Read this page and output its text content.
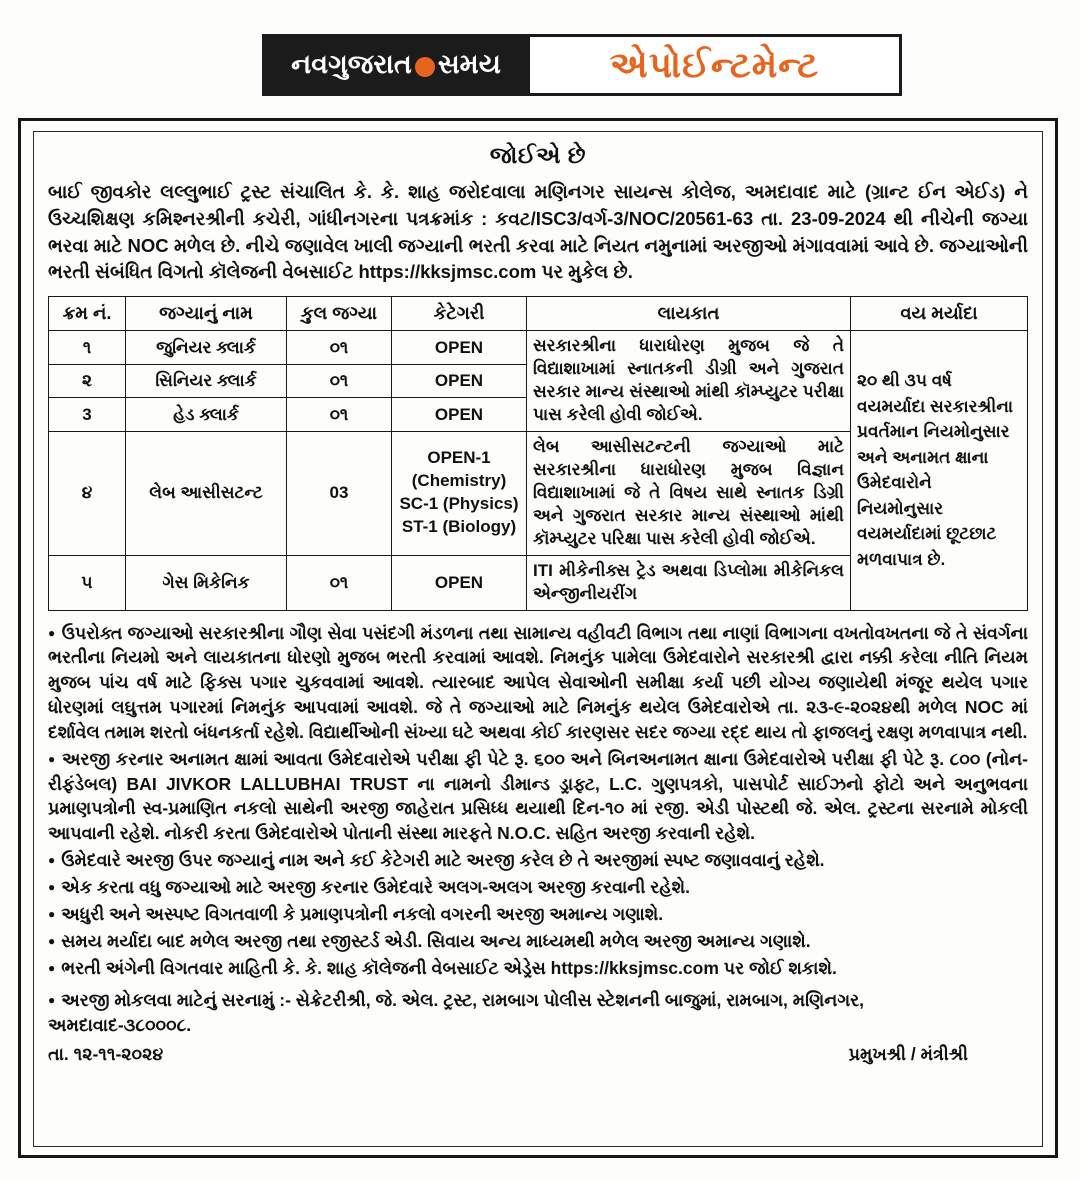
નવગુજરાત સમય	એપોઈન્ટમેન્ટ
જોઈએ છે
બાઈ જીવકોર લલ્લુભાઈ ટ્રસ્ટ સંચાલિત કે. કે. શાહ જરોદવાલા મણિનગર સાયન્સ કોલેજ, અમદાવાદ માટે (ગ્રાન્ટ ઈન એઈડ) ને ઉચ્ચશિક્ષણ કમિશ્નરશ્રીની કચેરી, ગાંધીનગરના પત્રક્રમાંક : કવટ/ISC3/વર્ગ-3/NOC/20561-63 તા. 23-09-2024 થી નીચેની જગ્યા ભરવા માટે NOC મળેલ છે. નીચે જણાવેલ ખાલી જગ્યાની ભરતી કરવા માટે નિયત નમુનામાં અરજીઓ મંગાવવામાં આવે છે. જગ્યાઓની ભરતી સંબંધિત વિગતો કૉલેજની વેબસાઈટ https://kksjmsc.com પર મુકેલ છે.
ક્રમ નં.	જગ્યાનું નામ	કુલ જગ્યા	કેટેગરી	લાયકાત	વય મર્યાદા
૧	જુનિયર ક્લાર્ક	૦૧	OPEN	સરકારશ્રીના ધારાધોરણ મુજબ જે તે વિદ્યાશાખામાં સ્નાતકની ડીગ્રી અને ગુજરાત સરકાર માન્ય સંસ્થાઓ માંથી કૉમ્પ્યુટર પરીક્ષા પાસ કરેલી હોવી જોઈએ.	૨૦ થી ૩૫ વર્ષ વયમર્યાદા સરકારશ્રીના પ્રવર્તમાન નિયમોનુસાર અને અનામત ક્ષાના ઉમેદવારોને નિયમોનુસાર વયમર્યાદામાં છૂટછાટ મળવાપાત્ર છે.
૨	સિનિયર ક્લાર્ક	૦૧	OPEN		
3	હેડ ક્લાર્ક	૦૧	OPEN		
૪	લેબ આસીસટન્ટ	03	OPEN-1 (Chemistry) SC-1 (Physics) ST-1 (Biology)	લેબ આસીસટન્ટની જગ્યાઓ માટે સરકારશ્રીના ધારાધોરણ મુજબ વિજ્ઞાન વિદ્યાશાખામાં જે તે વિષય સાથે સ્નાતક ડિગ્રી અને ગુજરાત સરકાર માન્ય સંસ્થાઓ માંથી કૉમ્પ્યુટર પરિક્ષા પાસ કરેલી હોવી જોઈએ.	
૫	ગેસ મિકેનિક	૦૧	OPEN	ITI મીકેનીક્સ ટ્રેડ અથવા ડિપ્લોમા મીકેનિકલ એન્જીનીયરીંગ	

● ઉપરોક્ત જગ્યાઓ સરકારશ્રીના ગૌણ સેવા પસંદગી મંડળના તથા સામાન્ય વહીવટી વિભાગ તથા નાણાં વિભાગના વખતોવખતના જે તે સંવર્ગના ભરતીના નિયમો અને લાયકાતના ધોરણો મુજબ ભરતી કરવામાં આવશે. નિમનુંક પામેલા ઉમેદવારોને સરકારશ્રી દ્વારા નક્કી કરેલા નીતિ નિયમ મુજબ પાંચ વર્ષ માટે ફિક્સ પગાર ચુકવવામાં આવશે. ત્યારબાદ આપેલ સેવાઓની સમીક્ષા કર્યા પછી યોગ્ય જણાયેથી મંજૂર થયેલ પગાર ધોરણમાં લઘુત્તમ પગારમાં નિમનુંક આપવામાં આવશે. જે તે જગ્યાઓ માટે નિમનુંક થયેલ ઉમેદવારોએ તા. ૨૩-૯-૨૦૨૪થી મળેલ NOC માં દર્શાવેલ તમામ શરતો બંધનકર્તા રહેશે. વિદ્યાર્થીઓની સંખ્યા ઘટે અથવા કોઈ કારણસર સદર જગ્યા રદ્દ થાય તો ફાજલનું રક્ષણ મળવાપાત્ર નથી.

● અરજી કરનાર અનામત ક્ષામાં આવતા ઉમેદવારોએ પરીક્ષા ફી પેટે રૂ. ૬૦૦ અને બિનઅનામત ક્ષાના ઉમેદવારોએ પરીક્ષા ફી પેટે રૂ. ૮૦૦ (નોન-રીફંડેબલ) BAI JIVKOR LALLUBHAI TRUST ના નામનો ડીમાન્ડ ડ્રાફ્ટ, L.C. ગુણપત્રકો, પાસપોર્ટ સાઈઝનો ફોટો અને અનુભવના પ્રમાણપત્રોની સ્વ-પ્રમાણિત નકલો સાથેની અરજી જાહેરાત પ્રસિધ્ધ થયાથી દિન-૧૦ માં રજી. એડી પોસ્ટથી જે. એલ. ટ્રસ્ટના સરનામે મોકલી આપવાની રહેશે. નોકરી કરતા ઉમેદવારોએ પોતાની સંસ્થા મારફતે N.O.C. સહિત અરજી કરવાની રહેશે.

● ઉમેદવારે અરજી ઉપર જગ્યાનું નામ અને કઈ કેટેગરી માટે અરજી કરેલ છે તે અરજીમાં સ્પષ્ટ જણાવવાનું રહેશે.

● એક કરતા વધુ જગ્યાઓ માટે અરજી કરનાર ઉમેદવારે અલગ-અલગ અરજી કરવાની રહેશે.

● અધુરી અને અસ્પષ્ટ વિગતવાળી કે પ્રમાણપત્રોની નકલો વગરની અરજી અમાન્ય ગણાશે.

● સમય મર્યાદા બાદ મળેલ અરજી તથા રજીસ્ટર્ડ એડી. સિવાય અન્ય માધ્યમથી મળેલ અરજી અમાન્ય ગણાશે.

● ભરતી અંગેની વિગતવાર માહિતી કે. કે. શાહ કૉલેજની વેબસાઈટ એડ્રેસ https://kksjmsc.com પર જોઈ શકાશે.

● અરજી મોકલવા માટેનું સરનામું :- સેક્રેટરીશ્રી, જે. એલ. ટ્રસ્ટ, રામબાગ પોલીસ સ્ટેશનની બાજુમાં, રામબાગ, મણિનગર,

અમદાવાદ-૩૮૦૦૦૮.

તા. ૧૨-૧૧-૨૦૨૪	પ્રમુખશ્રી / મંત્રીશ્રી
